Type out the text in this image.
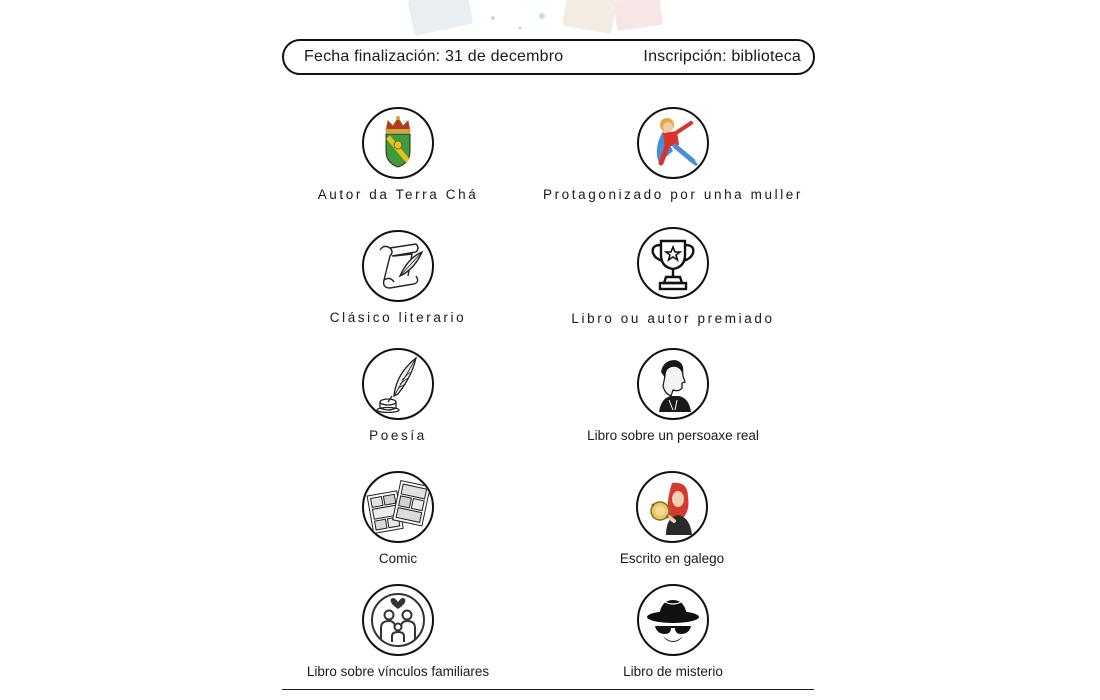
Fecha finalización: 31 de decembro	Inscripción: biblioteca
Autor da Terra Chá	Protagonizado por unha muller
Clásico literario	Libro ou autor premiado
Poesía	Libro sobre un persoaxe real
Comic	Escrito en galego
Libro sobre vínculos familiares	Libro de misterio
